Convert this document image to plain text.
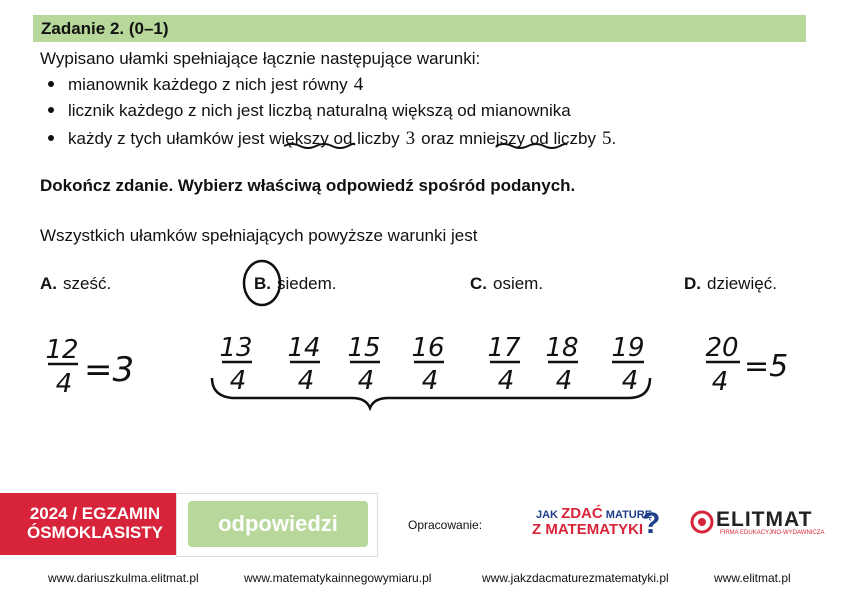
Zadanie 2. (0–1)
Wypisano ułamki spełniające łącznie następujące warunki:
mianownik każdego z nich jest równy 4
licznik każdego z nich jest liczbą naturalną większą od mianownika
każdy z tych ułamków jest większy od liczby 3 oraz mniejszy od liczby 5.
Dokończ zdanie. Wybierz właściwą odpowiedź spośród podanych.
Wszystkich ułamków spełniających powyższe warunki jest
A. sześć.	B. siedem.	C. osiem.	D. dziewięć.
12
4 =3
13
4
14
4
15
4
16
4
17
4
18
4
19
4
20
4 =5
2024 / EGZAMIN
ÓSMOKLASISTY	odpowiedzi	Opracowanie:
JAK ZDAĆ MATURĘ
Z MATEMATYKI
?	ELITMAT
FIRMA EDUKACYJNO-WYDAWNICZA
www.dariuszkulma.elitmat.pl	www.matematykainnegowymiaru.pl	www.jakzdacmaturezmatematyki.pl	www.elitmat.pl
